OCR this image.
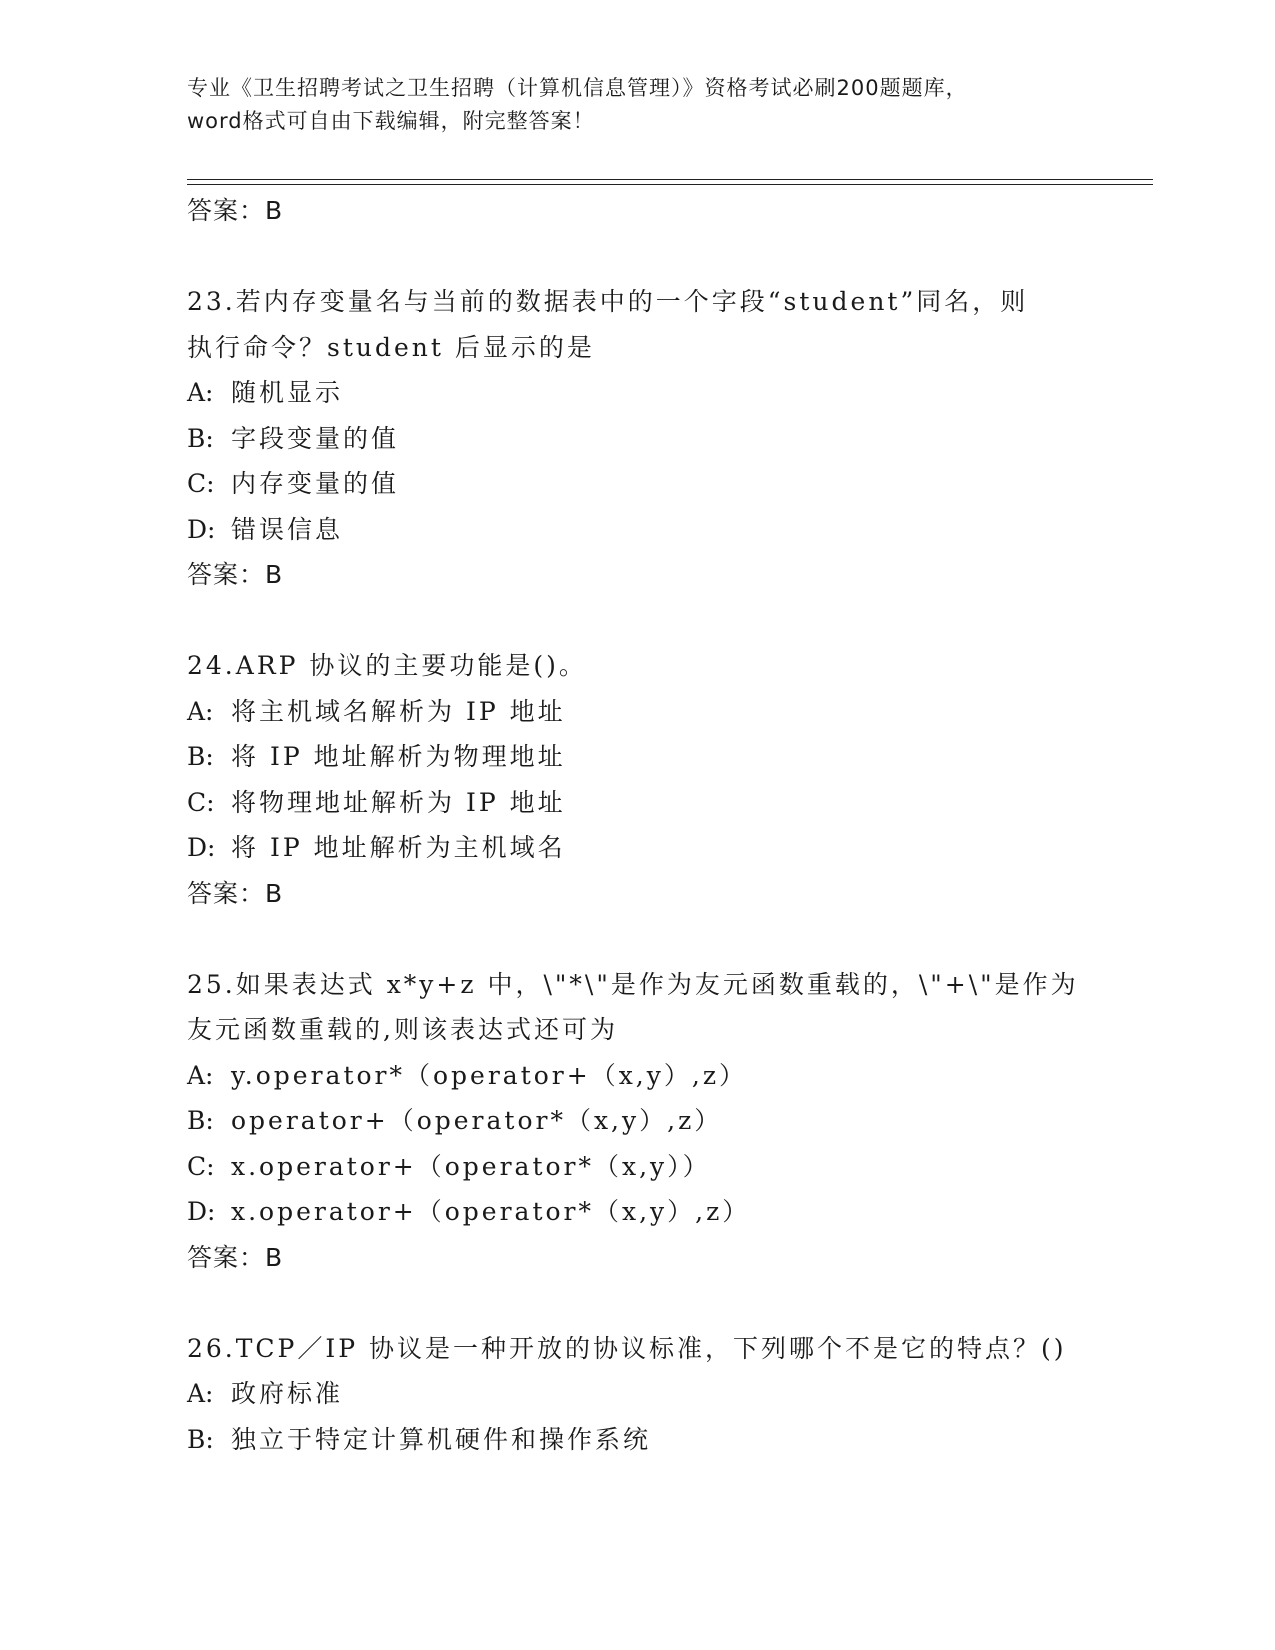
专业《卫生招聘考试之卫生招聘（计算机信息管理）》资格考试必刷200题题库，
word格式可自由下载编辑，附完整答案！
答案：B
23.若内存变量名与当前的数据表中的一个字段“student”同名，则
执行命令？student 后显示的是
A: 随机显示
B: 字段变量的值
C: 内存变量的值
D: 错误信息
答案：B
24.ARP 协议的主要功能是()。
A: 将主机域名解析为 IP 地址
B: 将 IP 地址解析为物理地址
C: 将物理地址解析为 IP 地址
D: 将 IP 地址解析为主机域名
答案：B
25.如果表达式 x*y+z 中，\"*\"是作为友元函数重载的，\"+\"是作为
友元函数重载的,则该表达式还可为
A: y.operator*（operator+（x,y）,z）
B: operator+（operator*（x,y）,z）
C: x.operator+（operator*（x,y））
D: x.operator+（operator*（x,y）,z）
答案：B
26.TCP／IP 协议是一种开放的协议标准，下列哪个不是它的特点？()
A: 政府标准
B: 独立于特定计算机硬件和操作系统
